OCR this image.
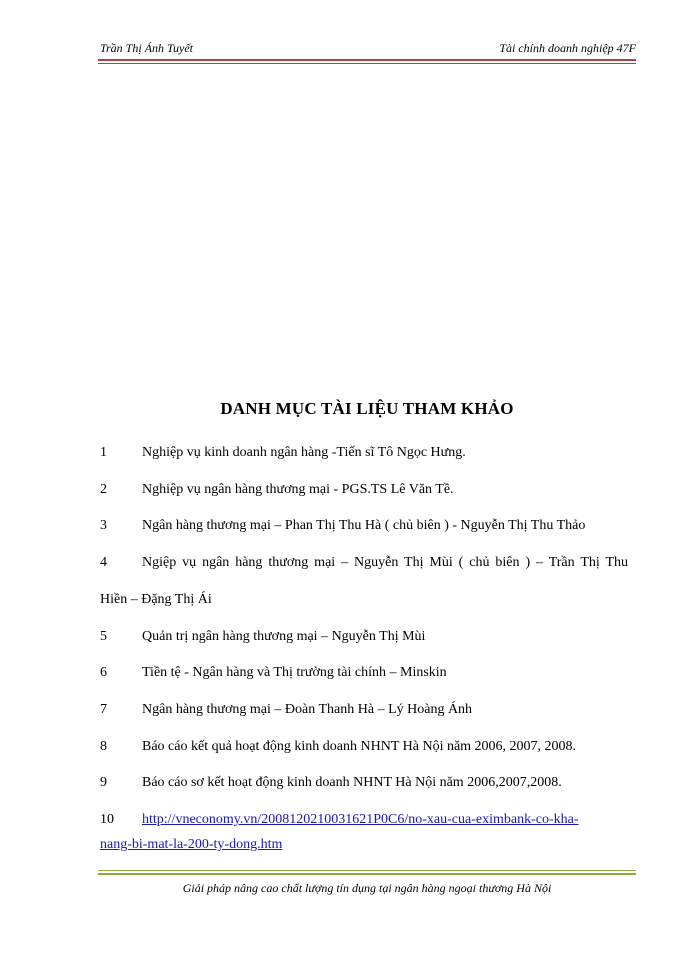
Trần Thị Ánh Tuyết	Tài chính doanh nghiệp 47F
DANH MỤC TÀI LIỆU THAM KHẢO
1	Nghiệp vụ kinh doanh ngân hàng -Tiến sĩ Tô Ngọc Hưng.
2	Nghiệp vụ ngân hàng thương mại - PGS.TS Lê Văn Tề.
3	Ngân hàng thương mại – Phan Thị Thu Hà ( chủ biên ) - Nguyễn Thị Thu Thảo
4	Ngiệp vụ ngân hàng thương mại – Nguyễn Thị Mùi ( chủ biên ) – Trần Thị Thu
Hiền – Đặng Thị Ái
5	Quản trị ngân hàng thương mại – Nguyễn Thị Mùi
6	Tiền tệ - Ngân hàng và Thị trường tài chính – Minskin
7	Ngân hàng thương mại – Đoàn Thanh Hà – Lý Hoàng Ánh
8	Báo cáo kết quả hoạt động kinh doanh NHNT Hà Nội năm 2006, 2007, 2008.
9	Báo cáo sơ kết hoạt động kinh doanh NHNT Hà Nội năm 2006,2007,2008.
10 http://vneconomy.vn/2008120210031621P0C6/no-xau-cua-eximbank-co-kha-
nang-bi-mat-la-200-ty-dong.htm
Giải pháp nâng cao chất lượng tín dụng tại ngân hàng ngoại thương Hà Nội
